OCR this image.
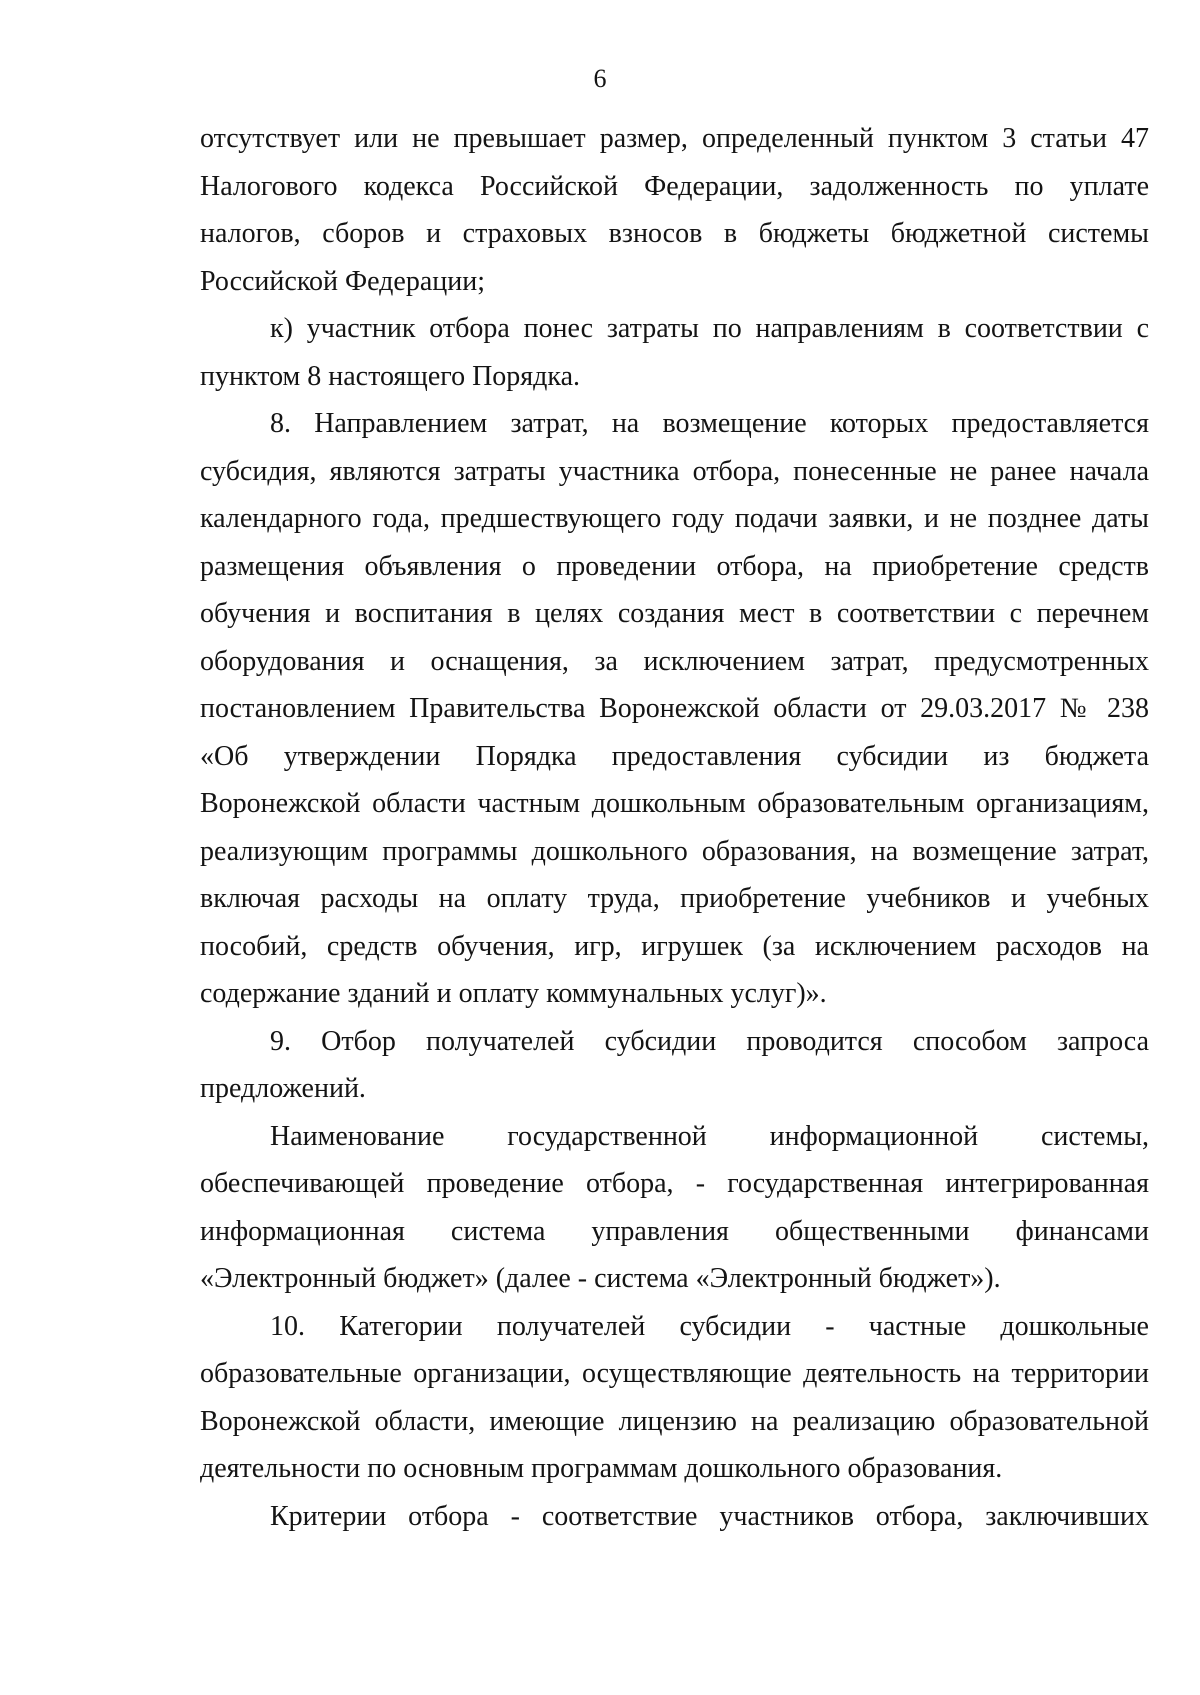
6

отсутствует или не превышает размер, определенный пунктом 3 статьи 47
Налогового кодекса Российской Федерации, задолженность по уплате
налогов, сборов и страховых взносов в бюджеты бюджетной системы
Российской Федерации;

к) участник отбора понес затраты по направлениям в соответствии с
пунктом 8 настоящего Порядка.

8. Направлением затрат, на возмещение которых предоставляется
субсидия, являются затраты участника отбора, понесенные не ранее начала
календарного года, предшествующего году подачи заявки, и не позднее даты
размещения объявления о проведении отбора, на приобретение средств
обучения и воспитания в целях создания мест в соответствии с перечнем
оборудования и оснащения, за исключением затрат, предусмотренных
постановлением Правительства Воронежской области от 29.03.2017 № 238
«Об утверждении Порядка предоставления субсидии из бюджета
Воронежской области частным дошкольным образовательным организациям,
реализующим программы дошкольного образования, на возмещение затрат,
включая расходы на оплату труда, приобретение учебников и учебных
пособий, средств обучения, игр, игрушек (за исключением расходов на
содержание зданий и оплату коммунальных услуг)».

9. Отбор получателей субсидии проводится способом запроса
предложений.

Наименование государственной информационной системы,
обеспечивающей проведение отбора, - государственная интегрированная
информационная система управления общественными финансами
«Электронный бюджет» (далее - система «Электронный бюджет»).

10. Категории получателей субсидии - частные дошкольные
образовательные организации, осуществляющие деятельность на территории
Воронежской области, имеющие лицензию на реализацию образовательной
деятельности по основным программам дошкольного образования.

Критерии отбора - соответствие участников отбора, заключивших
